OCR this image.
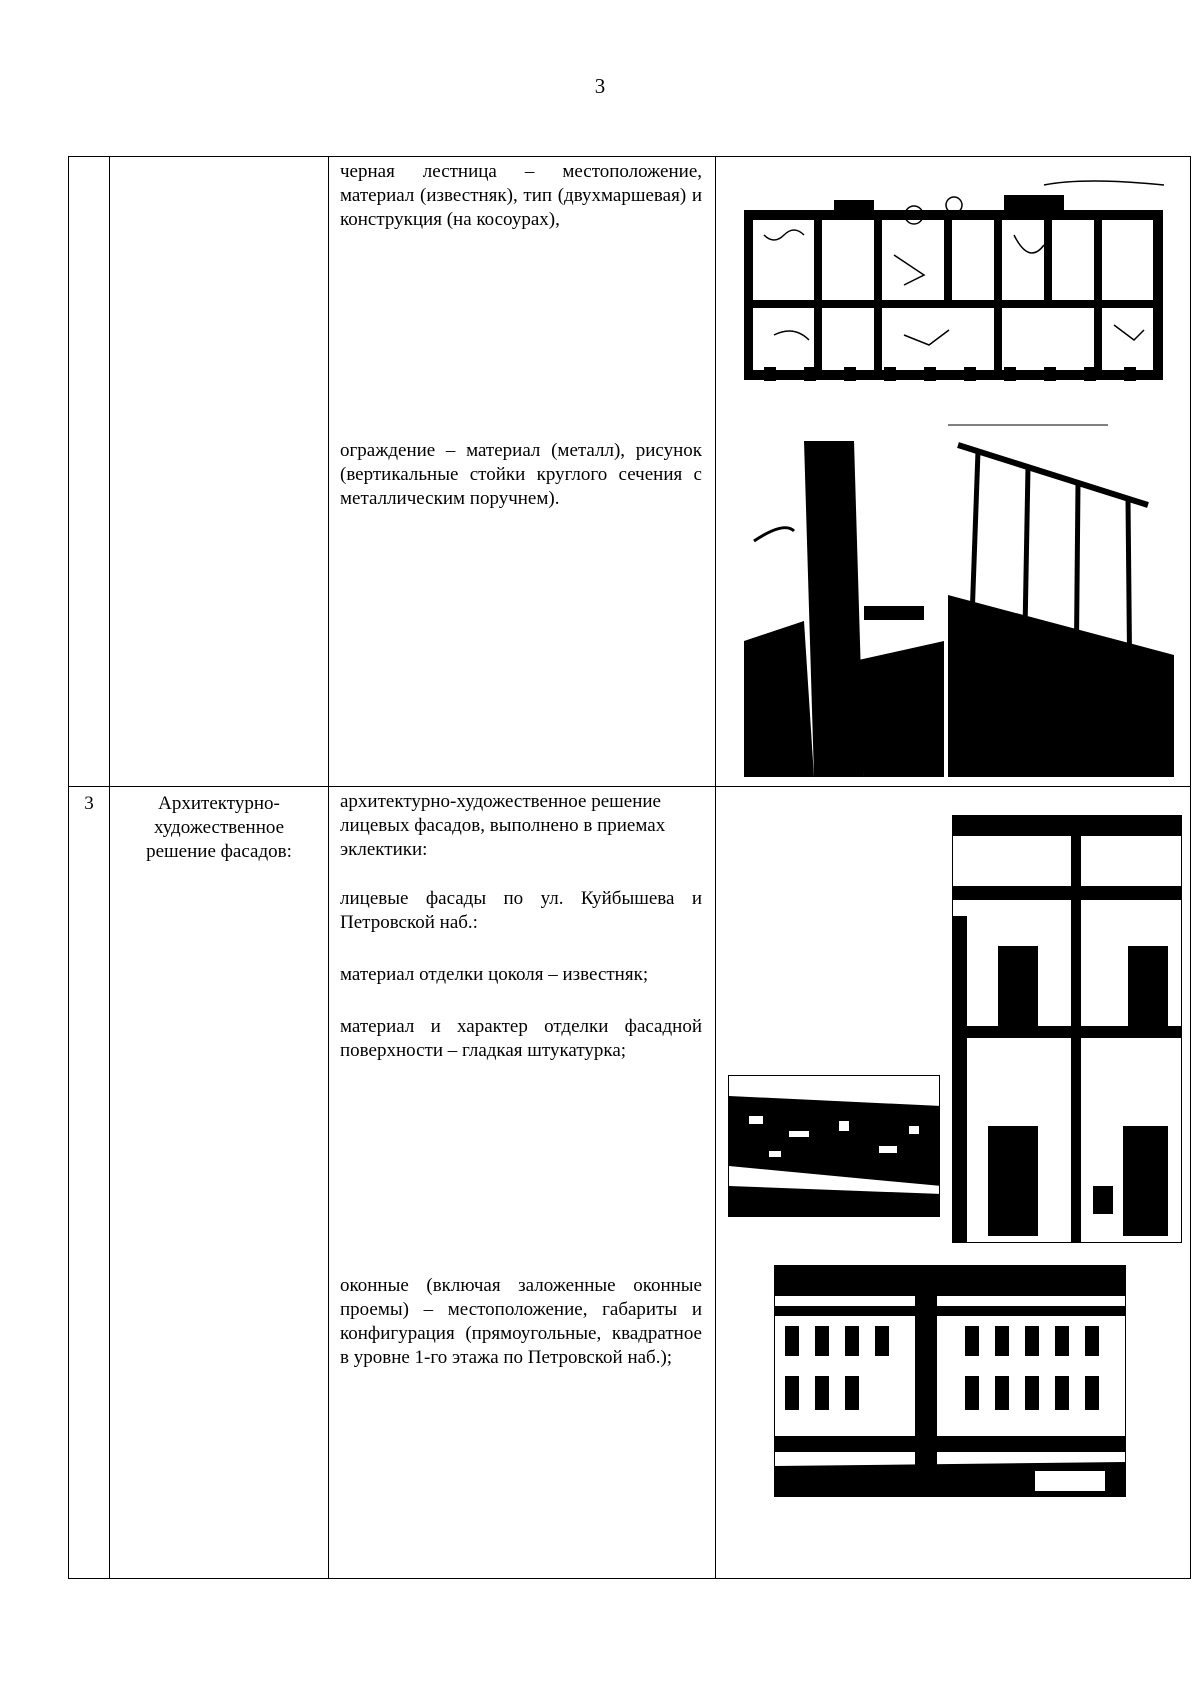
3

		черная лестница – местоположение, материал (известняк), тип (двухмаршевая) и конструкция (на косоурах),
ограждение – материал (металл), рисунок (вертикальные стойки круглого сечения с металлическим поручнем).

3	Архитектурно-художественное решение фасадов:	архитектурно-художественное решение лицевых фасадов, выполнено в приемах эклектики:
лицевые фасады по ул. Куйбышева и Петровской наб.:
материал отделки цоколя – известняк;
материал и характер отделки фасадной поверхности – гладкая штукатурка;
оконные (включая заложенные оконные проемы) – местоположение, габариты и конфигурация (прямоугольные, квадратное в уровне 1-го этажа по Петровской наб.);
